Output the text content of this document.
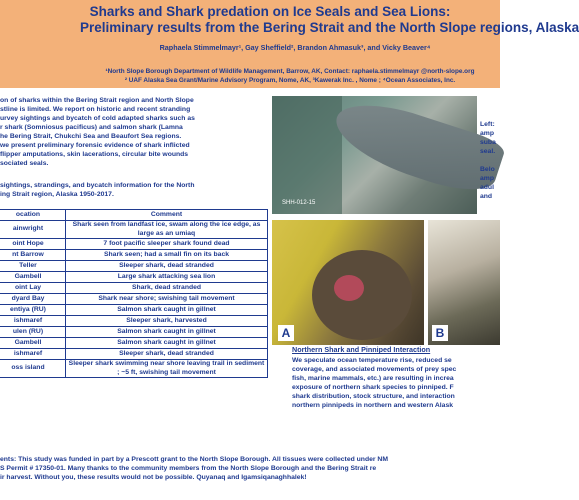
Sharks and Shark predation on Ice Seals and Sea Lions:
Preliminary results from the Bering Strait and the North Slope regions, Alaska
Raphaela Stimmelmayr¹, Gay Sheffield², Brandon Ahmasuk³, and Vicky Beaver⁴
¹North Slope Borough Department of Wildlife Management, Barrow, AK, Contact: raphaela.stimmelmayr @north-slope.org
² UAF Alaska Sea Grant/Marine Advisory Program, Nome, AK, ³Kawerak Inc. , Nome ; ⁴Ocean Associates, Inc.
on of sharks within the Bering Strait region and North Slope
stline is limited. We report on historic and recent stranding
urvey sightings and bycatch of cold adapted sharks such as
r shark (Somniosus pacificus) and salmon shark (Lamna
he Bering Strait, Chukchi Sea and Beaufort Sea regions.
we present preliminary forensic evidence of shark inflicted
flipper amputations, skin lacerations, circular bite wounds
sociated seals.
sightings, strandings, and bycatch information for the North
ing Strait region, Alaska 1950-2017.
ocation	Comment
ainwright	Shark seen from landfast ice, swam along the ice edge, as large as an umiaq
oint Hope	7 foot pacific sleeper shark found dead
nt Barrow	Shark seen; had a small fin on its back
Teller	Sleeper shark, dead stranded
Gambell	Large shark attacking sea lion
oint Lay	Shark, dead stranded
dyard Bay	Shark near shore; swishing tail movement
entiya (RU)	Salmon shark caught in gillnet
ishmaref	Sleeper shark, harvested
ulen (RU)	Salmon shark caught in gillnet
Gambell	Salmon shark caught in gillnet
ishmaref	Sleeper shark, dead stranded
oss island	Sleeper shark swimming near shore leaving trail in sediment ; ~5 ft, swishing tail movement
SHH-012-15
Left:
amp
suba
seal.

Belo
amp
adul
and
A	B
Northern Shark and Pinniped Interaction
We speculate ocean temperature rise, reduced se
coverage, and associated movements of prey spec
fish, marine mammals, etc.) are resulting in increa
exposure of northern shark species to pinniped. F
shark distribution, stock structure, and interaction
northern pinnipeds in northern and western Alask
ents: This study was funded in part by a Prescott grant to the North Slope Borough. All tissues were collected under NM
S Permit # 17350-01. Many thanks to the community members from the North Slope Borough and the Bering Strait re
ir harvest. Without you, these results would not be possible. Quyanaq and Igamsiqanaghhalek!
